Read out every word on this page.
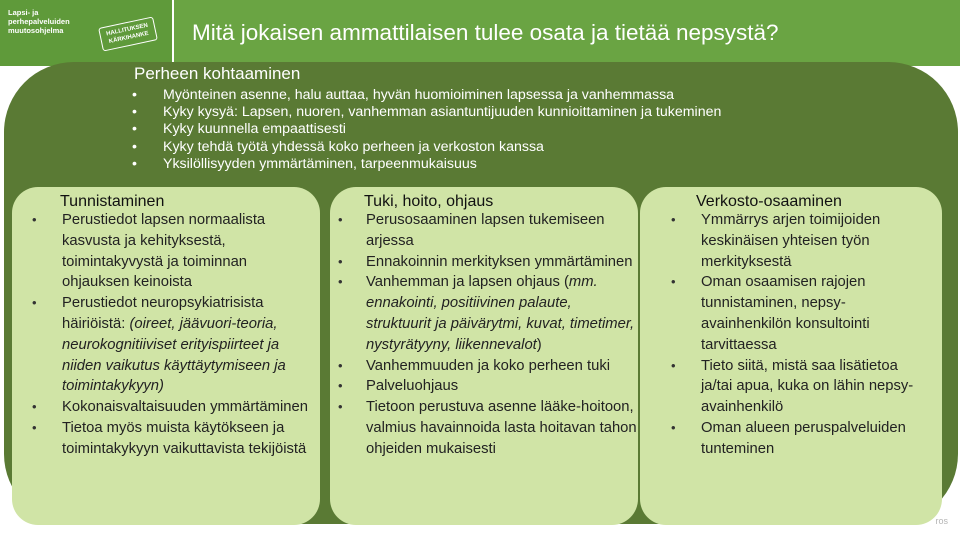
Lapsi- ja perhepalveluiden muutosohjelma	HALLITUKSEN KÄRKIHANKE	Mitä jokaisen ammattilaisen tulee osata ja tietää nepsystä?
Perheen kohtaaminen
• Myönteinen asenne, halu auttaa, hyvän huomioiminen lapsessa ja vanhemmassa
• Kyky kysyä: Lapsen, nuoren, vanhemman asiantuntijuuden kunnioittaminen ja tukeminen
• Kyky kuunnella empaattisesti
• Kyky tehdä työtä yhdessä koko perheen ja verkoston kanssa
• Yksilöllisyyden ymmärtäminen, tarpeenmukaisuus
Tunnistaminen
• Perustiedot lapsen normaalista kasvusta ja kehityksestä, toimintakyvystä ja toiminnan ohjauksen keinoista
• Perustiedot neuropsykiatrisista häiriöistä: (oireet, jäävuori-teoria, neurokognitiiviset erityispiirteet ja niiden vaikutus käyttäytymiseen ja toimintakykyyn)
• Kokonaisvaltaisuuden ymmärtäminen
• Tietoa myös muista käytökseen ja toimintakykyyn vaikuttavista tekijöistä
Tuki, hoito, ohjaus
• Perusosaaminen lapsen tukemiseen arjessa
• Ennakoinnin merkityksen ymmärtäminen
• Vanhemman ja lapsen ohjaus (mm. ennakointi, positiivinen palaute, struktuurit ja päivärytmi, kuvat, timetimer, nystyrätyyny, liikennevalot)
• Vanhemmuuden ja koko perheen tuki
• Palveluohjaus
• Tietoon perustuva asenne lääke-hoitoon, valmius havainnoida lasta hoitavan tahon ohjeiden mukaisesti
Verkosto-osaaminen
• Ymmärrys arjen toimijoiden keskinäisen yhteisen työn merkityksestä
• Oman osaamisen rajojen tunnistaminen, nepsy-avainhenkilön konsultointi tarvittaessa
• Tieto siitä, mistä saa lisätietoa ja/tai apua, kuka on lähin nepsy-avainhenkilö
• Oman alueen peruspalveluiden tunteminen
ros
